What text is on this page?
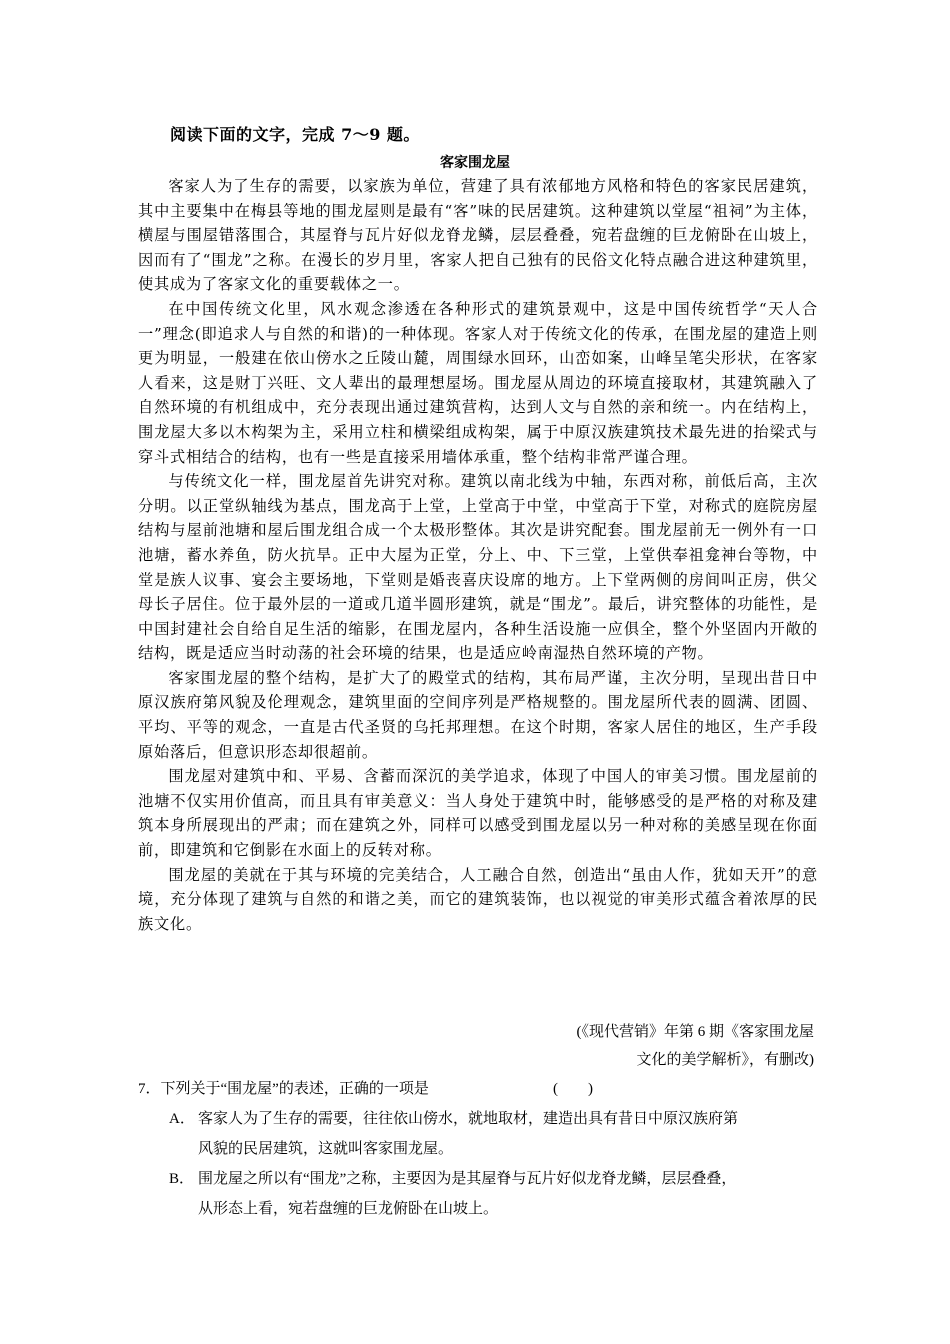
阅读下面的文字，完成 7～9 题。
客家围龙屋

客家人为了生存的需要，以家族为单位，营建了具有浓郁地方风格和特色的客家民居建筑，其中主要集中在梅县等地的围龙屋则是最有“客”味的民居建筑。这种建筑以堂屋“祖祠”为主体，横屋与围屋错落围合，其屋脊与瓦片好似龙脊龙鳞，层层叠叠，宛若盘缠的巨龙俯卧在山坡上，因而有了“围龙”之称。在漫长的岁月里，客家人把自己独有的民俗文化特点融合进这种建筑里，使其成为了客家文化的重要载体之一。

在中国传统文化里，风水观念渗透在各种形式的建筑景观中，这是中国传统哲学“天人合一”理念(即追求人与自然的和谐)的一种体现。客家人对于传统文化的传承，在围龙屋的建造上则更为明显，一般建在依山傍水之丘陵山麓，周围绿水回环，山峦如案，山峰呈笔尖形状，在客家人看来，这是财丁兴旺、文人辈出的最理想屋场。围龙屋从周边的环境直接取材，其建筑融入了自然环境的有机组成中，充分表现出通过建筑营构，达到人文与自然的亲和统一。内在结构上，围龙屋大多以木构架为主，采用立柱和横梁组成构架，属于中原汉族建筑技术最先进的抬梁式与穿斗式相结合的结构，也有一些是直接采用墙体承重，整个结构非常严谨合理。

与传统文化一样，围龙屋首先讲究对称。建筑以南北线为中轴，东西对称，前低后高，主次分明。以正堂纵轴线为基点，围龙高于上堂，上堂高于中堂，中堂高于下堂，对称式的庭院房屋结构与屋前池塘和屋后围龙组合成一个太极形整体。其次是讲究配套。围龙屋前无一例外有一口池塘，蓄水养鱼，防火抗旱。正中大屋为正堂，分上、中、下三堂，上堂供奉祖龛神台等物，中堂是族人议事、宴会主要场地，下堂则是婚丧喜庆设席的地方。上下堂两侧的房间叫正房，供父母长子居住。位于最外层的一道或几道半圆形建筑，就是“围龙”。最后，讲究整体的功能性，是中国封建社会自给自足生活的缩影，在围龙屋内，各种生活设施一应俱全，整个外坚固内开敞的结构，既是适应当时动荡的社会环境的结果，也是适应岭南湿热自然环境的产物。

客家围龙屋的整个结构，是扩大了的殿堂式的结构，其布局严谨，主次分明，呈现出昔日中原汉族府第风貌及伦理观念，建筑里面的空间序列是严格规整的。围龙屋所代表的圆满、团圆、平均、平等的观念，一直是古代圣贤的乌托邦理想。在这个时期，客家人居住的地区，生产手段原始落后，但意识形态却很超前。

围龙屋对建筑中和、平易、含蓄而深沉的美学追求，体现了中国人的审美习惯。围龙屋前的池塘不仅实用价值高，而且具有审美意义：当人身处于建筑中时，能够感受的是严格的对称及建筑本身所展现出的严肃；而在建筑之外，同样可以感受到围龙屋以另一种对称的美感呈现在你面前，即建筑和它倒影在水面上的反转对称。

围龙屋的美就在于其与环境的完美结合，人工融合自然，创造出“虽由人作，犹如天开”的意境，充分体现了建筑与自然的和谐之美，而它的建筑装饰，也以视觉的审美形式蕴含着浓厚的民族文化。

(《现代营销》年第 6 期《客家围龙屋
文化的美学解析》，有删改)
7．下列关于“围龙屋”的表述，正确的一项是	(　　)
A． 客家人为了生存的需要，往往依山傍水，就地取材，建造出具有昔日中原汉族府第风貌的民居建筑，这就叫客家围龙屋。
B． 围龙屋之所以有“围龙”之称，主要因为是其屋脊与瓦片好似龙脊龙鳞，层层叠叠，从形态上看，宛若盘缠的巨龙俯卧在山坡上。
